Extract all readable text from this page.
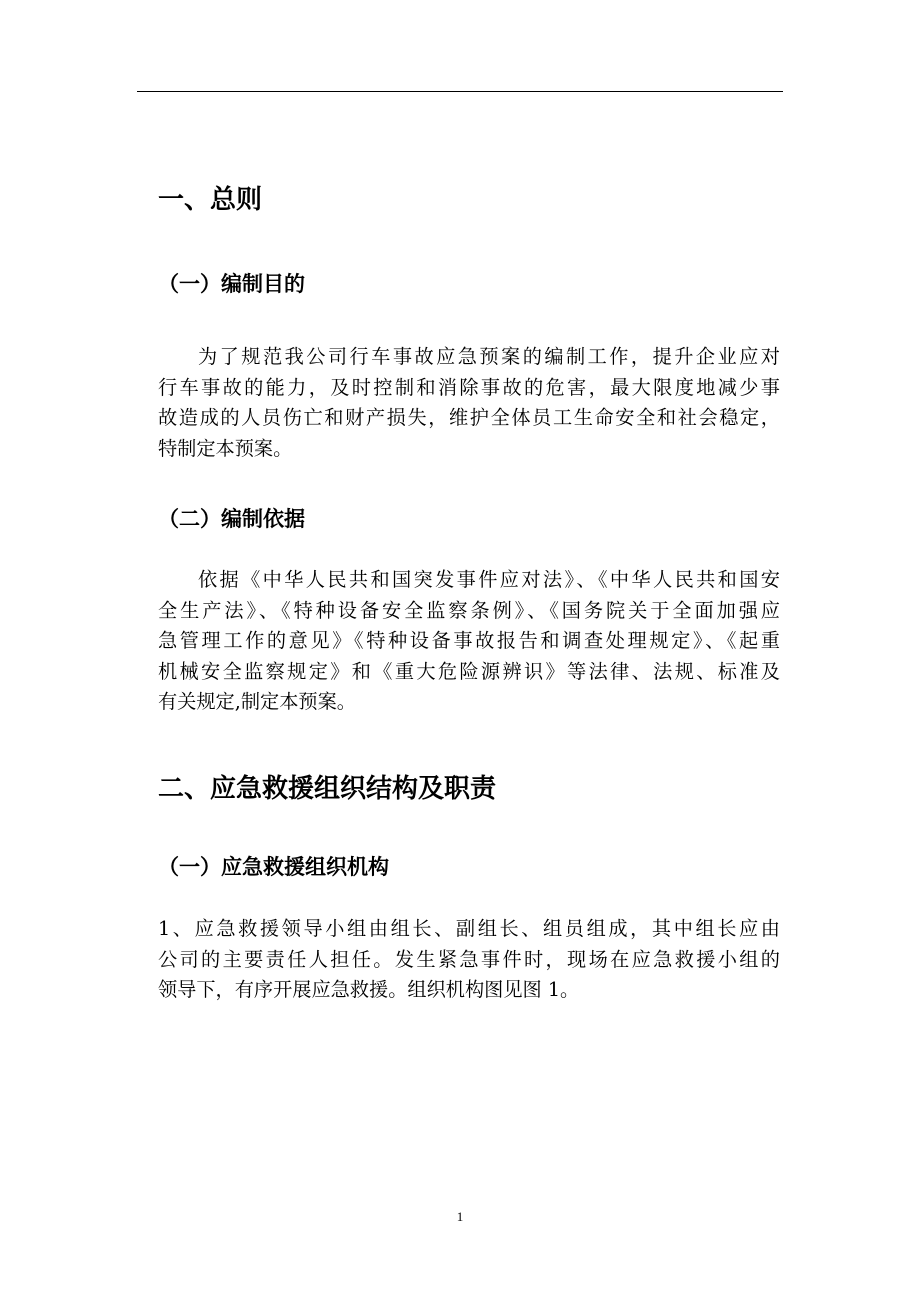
一、总则
（一）编制目的
为了规范我公司行车事故应急预案的编制工作，提升企业应对
行车事故的能力，及时控制和消除事故的危害，最大限度地减少事
故造成的人员伤亡和财产损失，维护全体员工生命安全和社会稳定，
特制定本预案。
（二）编制依据
依据《中华人民共和国突发事件应对法》、《中华人民共和国安
全生产法》、《特种设备安全监察条例》、《国务院关于全面加强应
急管理工作的意见》《特种设备事故报告和调查处理规定》、《起重
机械安全监察规定》和《重大危险源辨识》等法律、法规、标准及
有关规定,制定本预案。
二、应急救援组织结构及职责
（一）应急救援组织机构
1、应急救援领导小组由组长、副组长、组员组成，其中组长应由
公司的主要责任人担任。发生紧急事件时，现场在应急救援小组的
领导下，有序开展应急救援。组织机构图见图 1。
1
